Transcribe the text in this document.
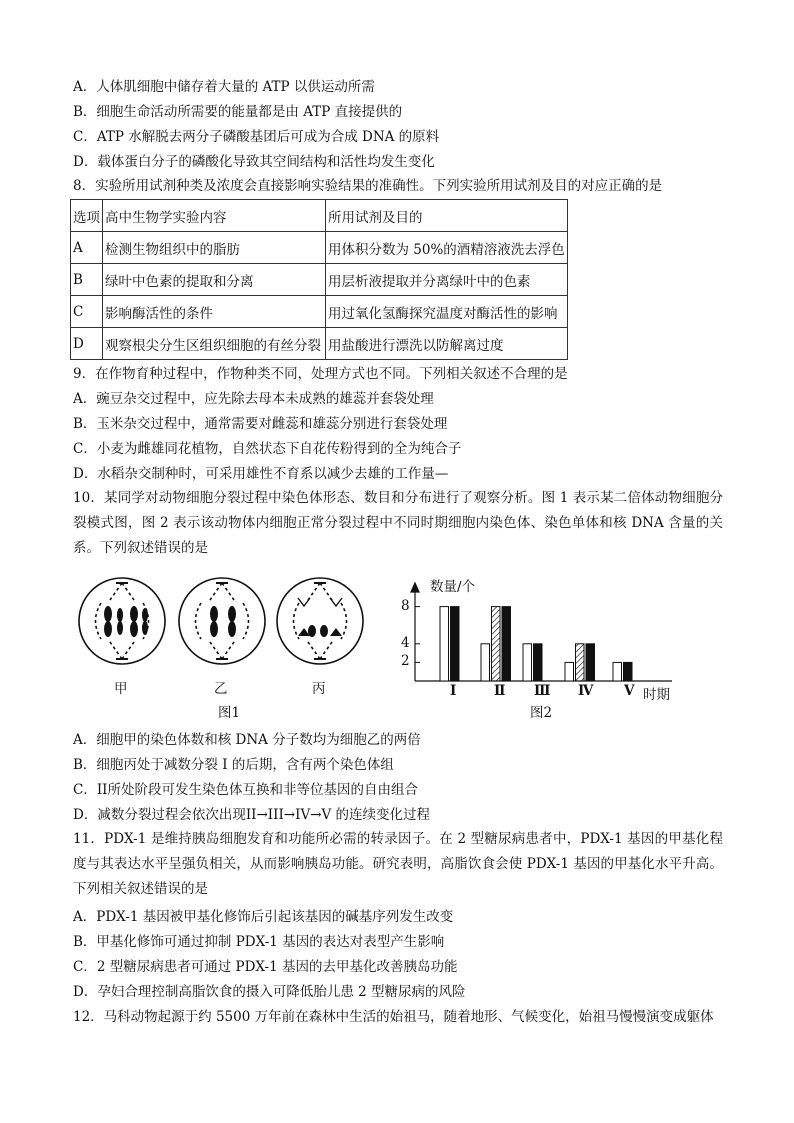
A．人体肌细胞中储存着大量的 ATP 以供运动所需
B．细胞生命活动所需要的能量都是由 ATP 直接提供的
C．ATP 水解脱去两分子磷酸基团后可成为合成 DNA 的原料
D．载体蛋白分子的磷酸化导致其空间结构和活性均发生变化
8．实验所用试剂种类及浓度会直接影响实验结果的准确性。下列实验所用试剂及目的对应正确的是
选项	高中生物学实验内容	所用试剂及目的
A	检测生物组织中的脂肪	用体积分数为 50%的酒精溶液洗去浮色
B	绿叶中色素的提取和分离	用层析液提取并分离绿叶中的色素
C	影响酶活性的条件	用过氧化氢酶探究温度对酶活性的影响
D	观察根尖分生区组织细胞的有丝分裂	用盐酸进行漂洗以防解离过度
9．在作物育种过程中，作物种类不同，处理方式也不同。下列相关叙述不合理的是
A．豌豆杂交过程中，应先除去母本未成熟的雄蕊并套袋处理
B．玉米杂交过程中，通常需要对雌蕊和雄蕊分别进行套袋处理
C．小麦为雌雄同花植物，自然状态下自花传粉得到的全为纯合子
D．水稻杂交制种时，可采用雄性不育系以减少去雄的工作量—
10．某同学对动物细胞分裂过程中染色体形态、数目和分布进行了观察分析。图 1 表示某二倍体动物细胞分裂模式图，图 2 表示该动物体内细胞正常分裂过程中不同时期细胞内染色体、染色单体和核 DNA 含量的关系。下列叙述错误的是
甲	乙	丙
图1
数量/个
时期
图2
2
4
8
Ⅰ	Ⅱ Ⅲ Ⅳ Ⅴ
A．细胞甲的染色体数和核 DNA 分子数均为细胞乙的两倍
B．细胞丙处于减数分裂 I 的后期，含有两个染色体组
C．II所处阶段可发生染色体互换和非等位基因的自由组合
D．减数分裂过程会依次出现II→III→IV→V 的连续变化过程
11．PDX-1 是维持胰岛细胞发育和功能所必需的转录因子。在 2 型糖尿病患者中，PDX-1 基因的甲基化程度与其表达水平呈强负相关，从而影响胰岛功能。研究表明，高脂饮食会使 PDX-1 基因的甲基化水平升高。下列相关叙述错误的是
A．PDX-1 基因被甲基化修饰后引起该基因的碱基序列发生改变
B．甲基化修饰可通过抑制 PDX-1 基因的表达对表型产生影响
C．2 型糖尿病患者可通过 PDX-1 基因的去甲基化改善胰岛功能
D．孕妇合理控制高脂饮食的摄入可降低胎儿患 2 型糖尿病的风险
12．马科动物起源于约 5500 万年前在森林中生活的始祖马，随着地形、气候变化，始祖马慢慢演变成躯体
